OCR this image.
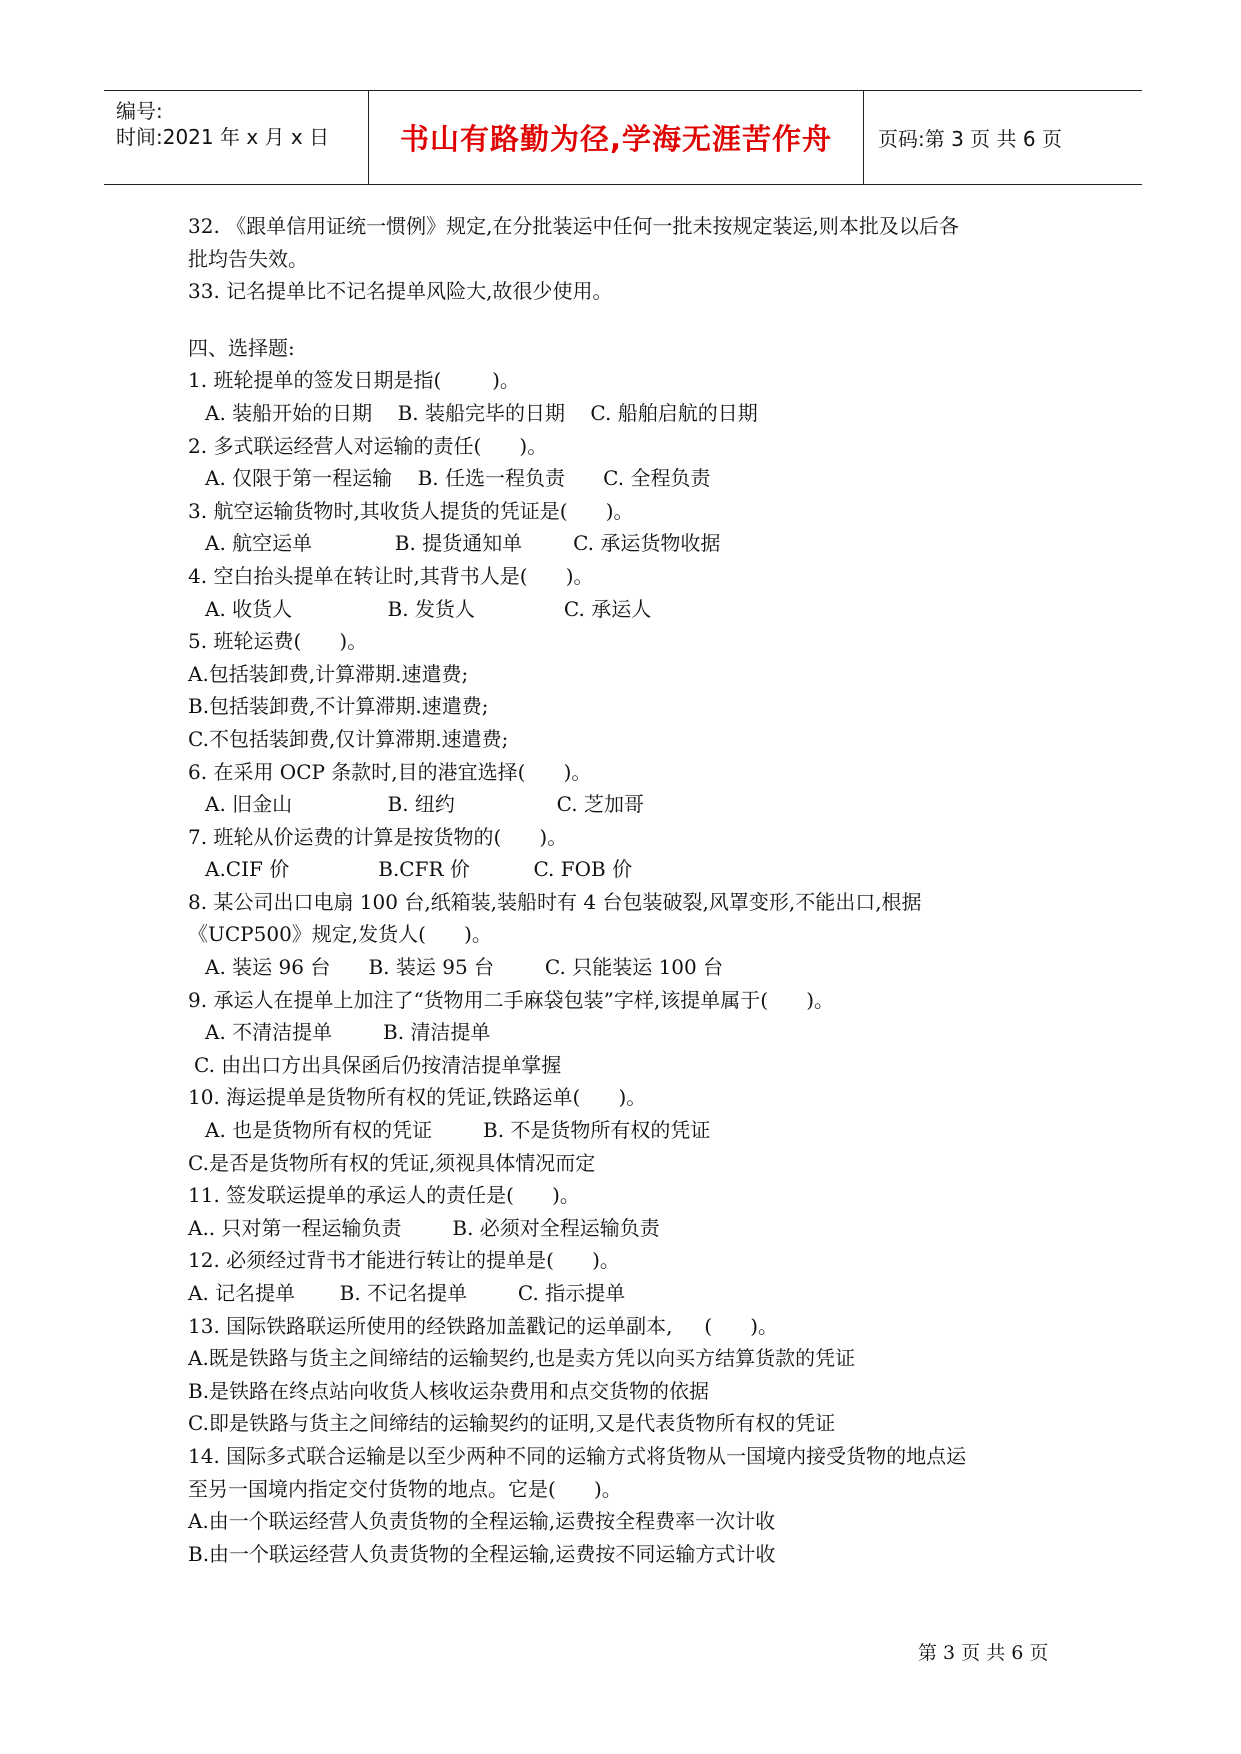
编号:
时间:2021 年 x 月 x 日 书山有路勤为径,学海无涯苦作舟 页码:第 3 页 共 6 页
32. 《跟单信用证统一惯例》规定,在分批装运中任何一批未按规定装运,则本批及以后各
批均告失效。
33. 记名提单比不记名提单风险大,故很少使用。
四、选择题:
1. 班轮提单的签发日期是指(        )。
A. 装船开始的日期    B. 装船完毕的日期    C. 船舶启航的日期
2. 多式联运经营人对运输的责任(      )。
A. 仅限于第一程运输    B. 任选一程负责      C. 全程负责
3. 航空运输货物时,其收货人提货的凭证是(      )。
A. 航空运单             B. 提货通知单        C. 承运货物收据
4. 空白抬头提单在转让时,其背书人是(      )。
A. 收货人               B. 发货人              C. 承运人
5. 班轮运费(      )。
A.包括装卸费,计算滞期.速遣费;
B.包括装卸费,不计算滞期.速遣费;
C.不包括装卸费,仅计算滞期.速遣费;
6. 在采用 OCP 条款时,目的港宜选择(      )。
A. 旧金山               B. 纽约                C. 芝加哥
7. 班轮从价运费的计算是按货物的(      )。
A.CIF 价              B.CFR 价          C. FOB 价
8. 某公司出口电扇 100 台,纸箱装,装船时有 4 台包装破裂,风罩变形,不能出口,根据
《UCP500》规定,发货人(      )。
A. 装运 96 台      B. 装运 95 台        C. 只能装运 100 台
9. 承运人在提单上加注了“货物用二手麻袋包装”字样,该提单属于(      )。
A. 不清洁提单        B. 清洁提单
C. 由出口方出具保函后仍按清洁提单掌握
10. 海运提单是货物所有权的凭证,铁路运单(      )。
A. 也是货物所有权的凭证        B. 不是货物所有权的凭证
C.是否是货物所有权的凭证,须视具体情况而定
11. 签发联运提单的承运人的责任是(      )。
A.. 只对第一程运输负责        B. 必须对全程运输负责
12. 必须经过背书才能进行转让的提单是(      )。
A. 记名提单       B. 不记名提单        C. 指示提单
13. 国际铁路联运所使用的经铁路加盖戳记的运单副本,     (      )。
A.既是铁路与货主之间缔结的运输契约,也是卖方凭以向买方结算货款的凭证
B.是铁路在终点站向收货人核收运杂费用和点交货物的依据
C.即是铁路与货主之间缔结的运输契约的证明,又是代表货物所有权的凭证
14. 国际多式联合运输是以至少两种不同的运输方式将货物从一国境内接受货物的地点运
至另一国境内指定交付货物的地点。它是(      )。
A.由一个联运经营人负责货物的全程运输,运费按全程费率一次计收
B.由一个联运经营人负责货物的全程运输,运费按不同运输方式计收
第 3 页 共 6 页
